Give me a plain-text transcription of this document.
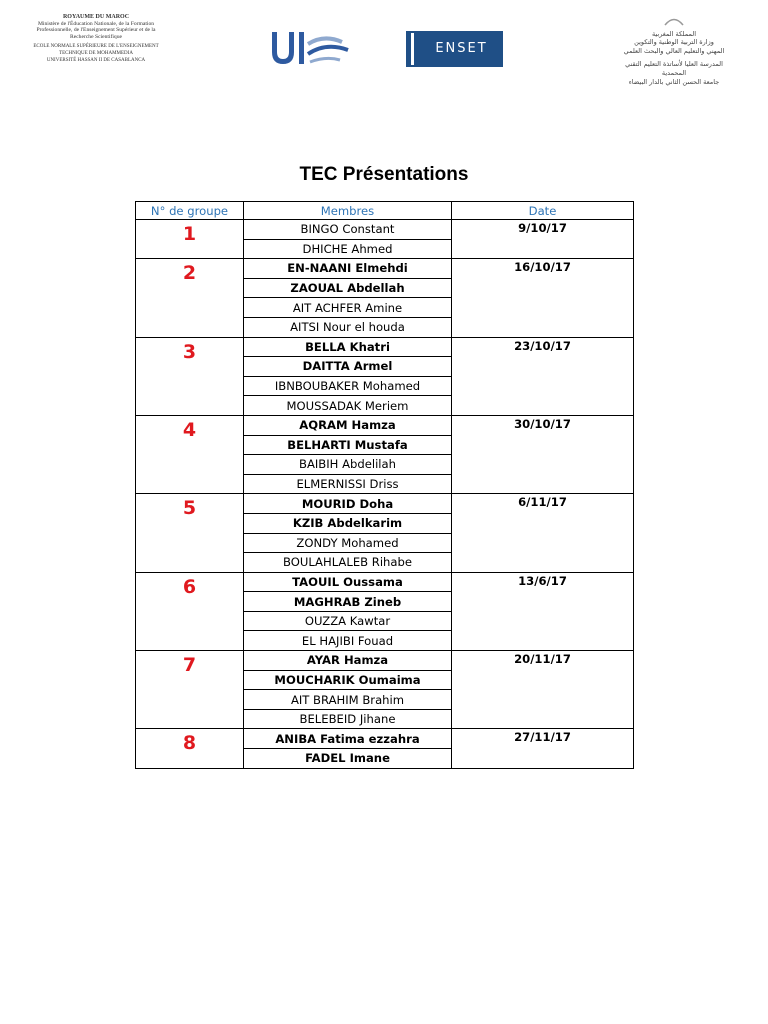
ROYAUME DU MAROC
Ministère de l'Éducation Nationale, de la Formation
Professionnelle, de l'Enseignement Supérieur et de la
Recherche Scientifique
ECOLE NORMALE SUPÉRIEURE DE L'ENSEIGNEMENT
TECHNIQUE DE MOHAMMEDIA
UNIVERSITÉ HASSAN II DE CASABLANCA
ENSET
المملكة المغربية
وزارة التربية الوطنية والتكوين
المهني والتعليم العالي والبحث العلمي
المدرسة العليا لأساتذة التعليم التقني
المحمدية
جامعة الحسن الثاني بالدار البيضاء
TEC Présentations
N° de groupe	Membres	Date

1	BINGO Constant	9/10/17

	DHICHE Ahmed	

2	EN-NAANI Elmehdi	16/10/17

	ZAOUAL Abdellah	
	AIT ACHFER Amine	
	AITSI Nour el houda	

3	BELLA Khatri	23/10/17

	DAITTA Armel	
	IBNBOUBAKER Mohamed	
	MOUSSADAK Meriem	

4	AQRAM Hamza	30/10/17

	BELHARTI Mustafa	
	BAIBIH Abdelilah	
	ELMERNISSI Driss	

5	MOURID Doha	6/11/17

	KZIB Abdelkarim	
	ZONDY Mohamed	
	BOULAHLALEB Rihabe	

6	TAOUIL Oussama	13/6/17

	MAGHRAB Zineb	
	OUZZA Kawtar	
	EL HAJIBI Fouad	

7	AYAR Hamza	20/11/17

	MOUCHARIK Oumaima	
	AIT BRAHIM Brahim	
	BELEBEID Jihane	

8	ANIBA Fatima ezzahra	27/11/17

	FADEL Imane	
